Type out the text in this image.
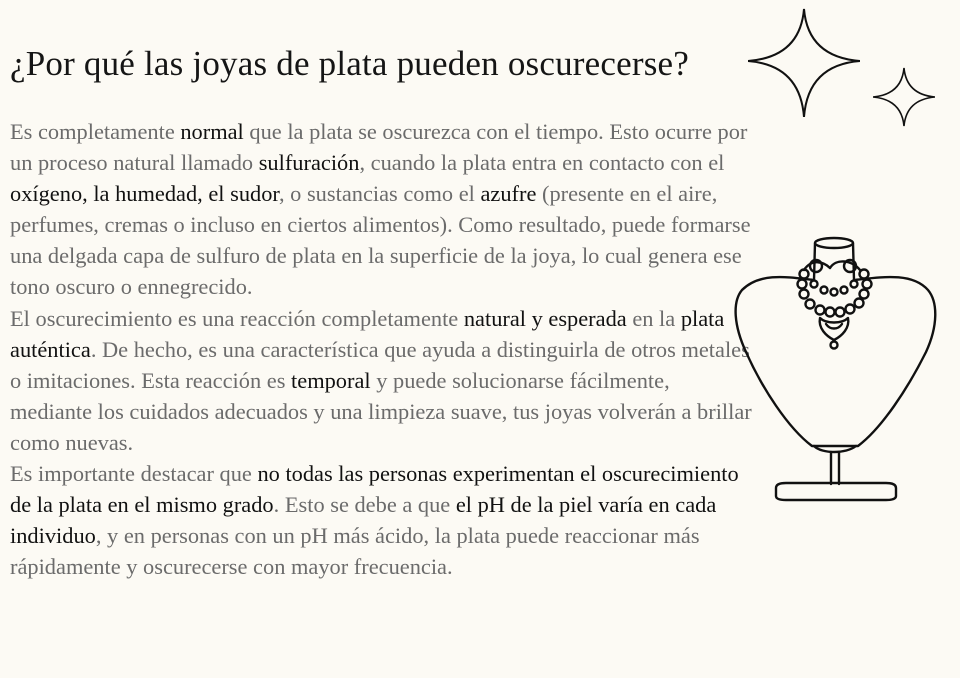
¿Por qué las joyas de plata pueden oscurecerse?

Es completamente normal que la plata se oscurezca con el tiempo. Esto ocurre por un proceso natural llamado sulfuración, cuando la plata entra en contacto con el oxígeno, la humedad, el sudor, o sustancias como el azufre (presente en el aire, perfumes, cremas o incluso en ciertos alimentos). Como resultado, puede formarse una delgada capa de sulfuro de plata en la superficie de la joya, lo cual genera ese tono oscuro o ennegrecido.

El oscurecimiento es una reacción completamente natural y esperada en la plata auténtica. De hecho, es una característica que ayuda a distinguirla de otros metales o imitaciones. Esta reacción es temporal y puede solucionarse fácilmente, mediante los cuidados adecuados y una limpieza suave, tus joyas volverán a brillar como nuevas.

Es importante destacar que no todas las personas experimentan el oscurecimiento de la plata en el mismo grado. Esto se debe a que el pH de la piel varía en cada individuo, y en personas con un pH más ácido, la plata puede reaccionar más rápidamente y oscurecerse con mayor frecuencia.
